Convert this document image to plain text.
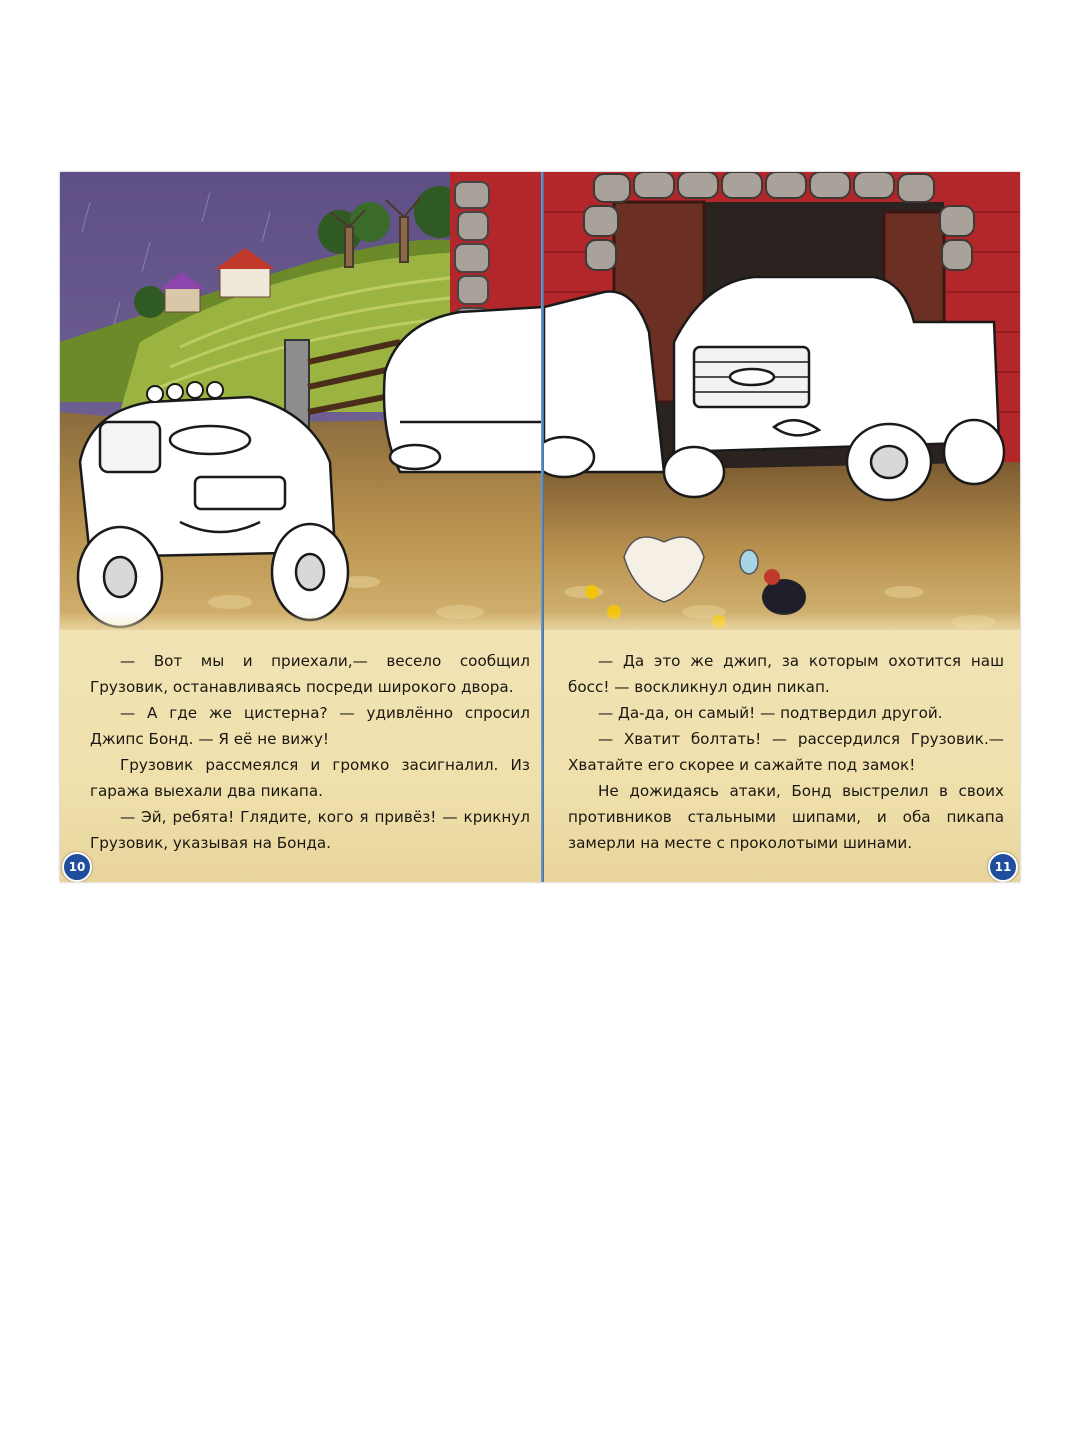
— Вот мы и приехали,— весело сообщил Грузовик, останавливаясь посреди широкого двора.

— А где же цистерна? — удивлённо спросил Джипс Бонд. — Я её не вижу!

Грузовик рассмеялся и громко засигналил. Из гаража выехали два пикапа.

— Эй, ребята! Глядите, кого я привёз! — крикнул Грузовик, указывая на Бонда.

10

— Да это же джип, за которым охотится наш босс! — воскликнул один пикап.

— Да-да, он самый! — подтвердил другой.

— Хватит болтать! — рассердился Грузовик.— Хватайте его скорее и сажайте под замок!

Не дожидаясь атаки, Бонд выстрелил в своих противников стальными шипами, и оба пикапа замерли на месте с проколотыми шинами.

11
